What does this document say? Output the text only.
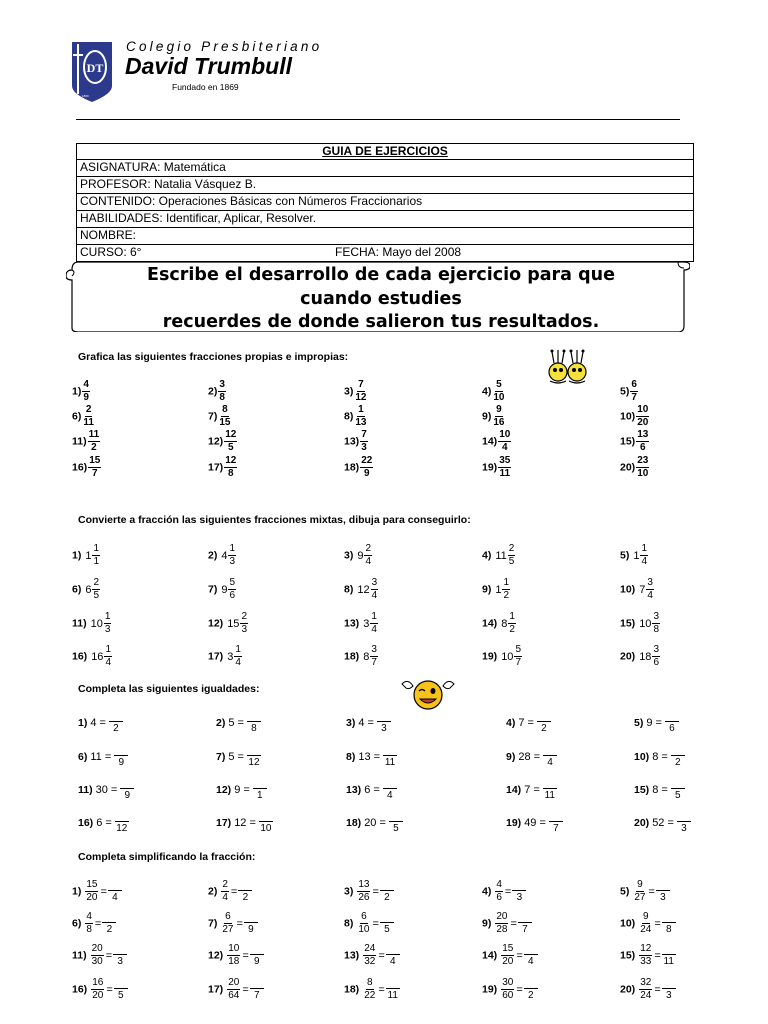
DT
1869
Colegio Presbiteriano
David Trumbull
Fundado en 1869
GUIA DE EJERCICIOS
ASIGNATURA: Matemática
PROFESOR: Natalia Vásquez B.
CONTENIDO: Operaciones Básicas con Números Fraccionarios
HABILIDADES: Identificar, Aplicar, Resolver.
NOMBRE:
CURSO: 6°	FECHA: Mayo del 2008
Escribe el desarrollo de cada ejercicio para que
cuando estudies
recuerdes de donde salieron tus resultados.
Grafica las siguientes fracciones propias e impropias:
Convierte a fracción las siguientes fracciones mixtas, dibuja para conseguirlo:
Completa las siguientes igualdades:
Completa simplificando la fracción:
$1) \frac{4}{9}$	$2) \frac{3}{8}$	$3) \frac{7}{12}$	$4) \frac{5}{10}$	$5) \frac{6}{7}$
$6) \frac{2}{11}$	$7) \frac{8}{15}$	$8) \frac{1}{13}$	$9) \frac{9}{16}$	$10) \frac{10}{20}$
$11) \frac{11}{2}$	$12) \frac{12}{5}$	$13) \frac{7}{3}$	$14) \frac{10}{4}$	$15) \frac{13}{6}$
$16) \frac{15}{7}$	$17) \frac{12}{8}$	$18) \frac{22}{9}$	$19) \frac{35}{11}$	$20) \frac{23}{10}$
1) $1 \frac{1}{1}$	2) $4 \frac{1}{3}$	3) $9 \frac{2}{4}$	4) $11 \frac{2}{5}$	5) $1 \frac{1}{4}$
6) $6 \frac{2}{5}$	7) $9 \frac{5}{6}$	8) $12 \frac{3}{4}$	9) $1 \frac{1}{2}$	10) $7 \frac{3}{4}$
11) $10 \frac{1}{3}$	12) $15 \frac{2}{3}$	13) $3 \frac{1}{4}$	14) $8 \frac{1}{2}$	15) $10 \frac{3}{8}$
16) $16 \frac{1}{4}$	17) $3 \frac{1}{4}$	18) $8 \frac{3}{7}$	19) $10 \frac{5}{7}$	20) $18 \frac{3}{6}$
1) 4 = 2	2) 5 = 8	3) 4 = 3	4) 7 = 2	5) 9 = 6
6) 11 = 9	7) 5 = 12	8) 13 = 11	9) 28 = 4	10) 8 = 2
11) 30 = 9	12) 9 = 1	13) 6 = 4	14) 7 = 11	15) 8 = 5
16) 6 = 12	17) 12 = 10	18) 20 = 5	19) 49 = 7	20) 52 = 3
$1) \frac{15}{20} = 4$	$2) \frac{2}{4} = 2$	$3) \frac{13}{26} = 2$	$4) \frac{4}{6} = 3$	$5) \frac{9}{27} = 3$
$6) \frac{4}{8} = 2$	$7) \frac{6}{27} = 9$	$8) \frac{6}{10} = 5$	$9) \frac{20}{28} = 7$	$10) \frac{9}{24} = 8$
$11) \frac{20}{30} = 3$	$12) \frac{10}{18} = 9$	$13) \frac{24}{32} = 4$	$14) \frac{15}{20} = 4$	$15) \frac{12}{33} = 11$
$16) \frac{16}{20} = 5$	$17) \frac{20}{64} = 7$	$18) \frac{8}{22} = 11$	$19) \frac{30}{60} = 2$	$20) \frac{32}{24} = 3$
